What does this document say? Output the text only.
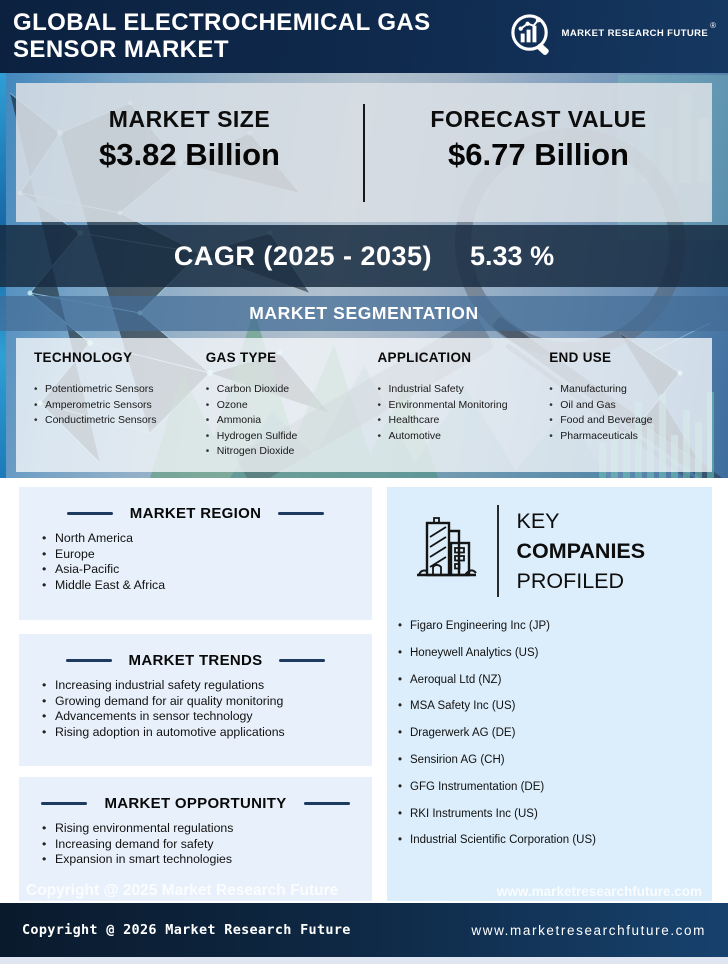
GLOBAL ELECTROCHEMICAL GAS
SENSOR MARKET
MARKET RESEARCH FUTURE
®
MARKET SIZE
$3.82 Billion
FORECAST VALUE
$6.77 Billion
CAGR (2025 - 2035) 5.33 %
MARKET SEGMENTATION
TECHNOLOGY
• Potentiometric Sensors
• Amperometric Sensors
• Conductimetric Sensors
GAS TYPE
• Carbon Dioxide
• Ozone
• Ammonia
• Hydrogen Sulfide
• Nitrogen Dioxide
APPLICATION
• Industrial Safety
• Environmental Monitoring
• Healthcare
• Automotive
END USE
• Manufacturing
• Oil and Gas
• Food and Beverage
• Pharmaceuticals
MARKET REGION
• North America
• Europe
• Asia-Pacific
• Middle East & Africa
MARKET TRENDS
• Increasing industrial safety regulations
• Growing demand for air quality monitoring
• Advancements in sensor technology
• Rising adoption in automotive applications
MARKET OPPORTUNITY
• Rising environmental regulations
• Increasing demand for safety
• Expansion in smart technologies
Copyright @ 2025 Market Research Future
KEY
COMPANIES
PROFILED
• Figaro Engineering Inc (JP)
• Honeywell Analytics (US)
• Aeroqual Ltd (NZ)
• MSA Safety Inc (US)
• Dragerwerk AG (DE)
• Sensirion AG (CH)
• GFG Instrumentation (DE)
• RKI Instruments Inc (US)
• Industrial Scientific Corporation (US)
www.marketresearchfuture.com
Copyright @ 2026 Market Research Future	www.marketresearchfuture.com
